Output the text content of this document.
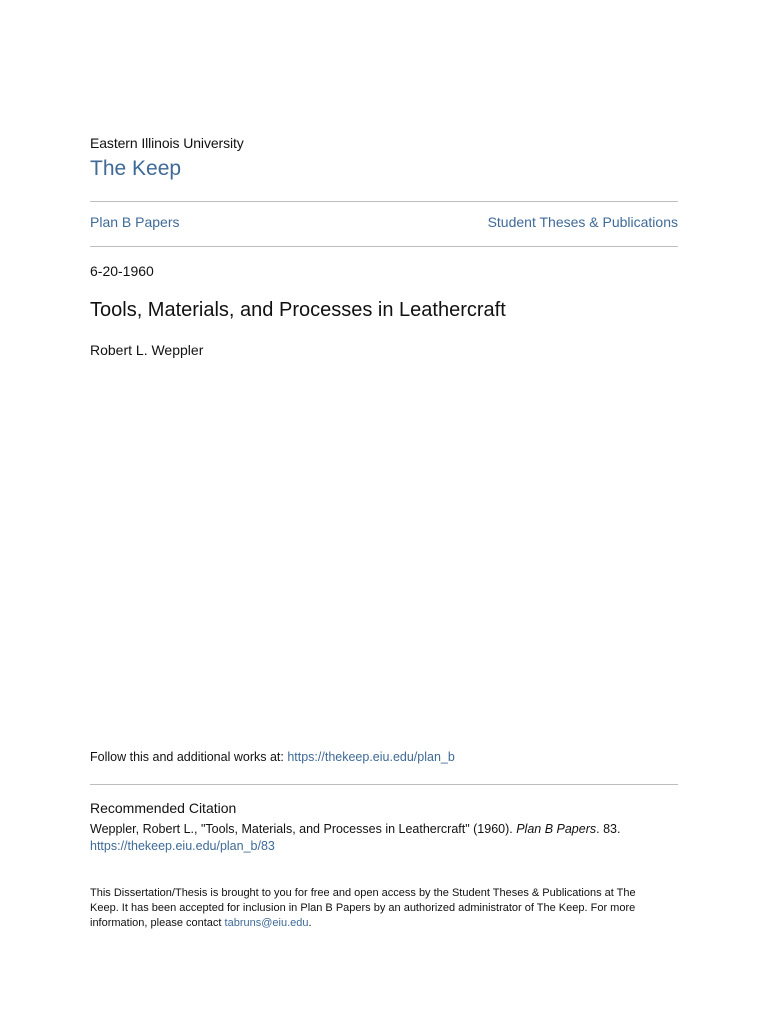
Eastern Illinois University
The Keep
Plan B Papers	Student Theses & Publications
6-20-1960
Tools, Materials, and Processes in Leathercraft
Robert L. Weppler
Follow this and additional works at: https://thekeep.eiu.edu/plan_b
Recommended Citation
Weppler, Robert L., "Tools, Materials, and Processes in Leathercraft" (1960). Plan B Papers. 83.
https://thekeep.eiu.edu/plan_b/83
This Dissertation/Thesis is brought to you for free and open access by the Student Theses & Publications at The Keep. It has been accepted for inclusion in Plan B Papers by an authorized administrator of The Keep. For more information, please contact tabruns@eiu.edu.
